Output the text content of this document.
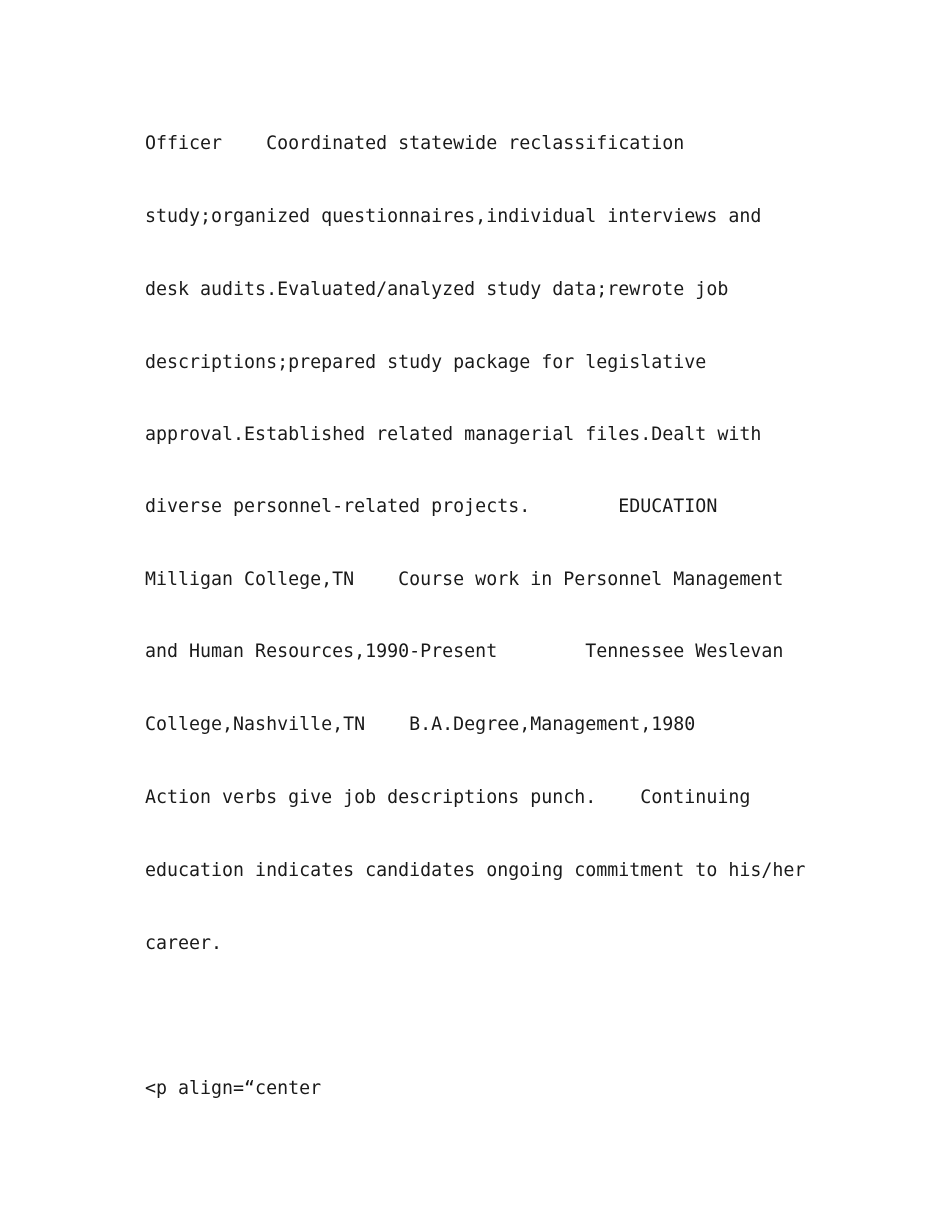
Officer    Coordinated statewide reclassification

study;organized questionnaires,individual interviews and

desk audits.Evaluated/analyzed study data;rewrote job

descriptions;prepared study package for legislative

approval.Established related managerial files.Dealt with

diverse personnel-related projects.        EDUCATION

Milligan College,TN    Course work in Personnel Management

and Human Resources,1990-Present        Tennessee Weslevan

College,Nashville,TN    B.A.Degree,Management,1980

Action verbs give job descriptions punch.    Continuing

education indicates candidates ongoing commitment to his/her

career.

<p align=“center
